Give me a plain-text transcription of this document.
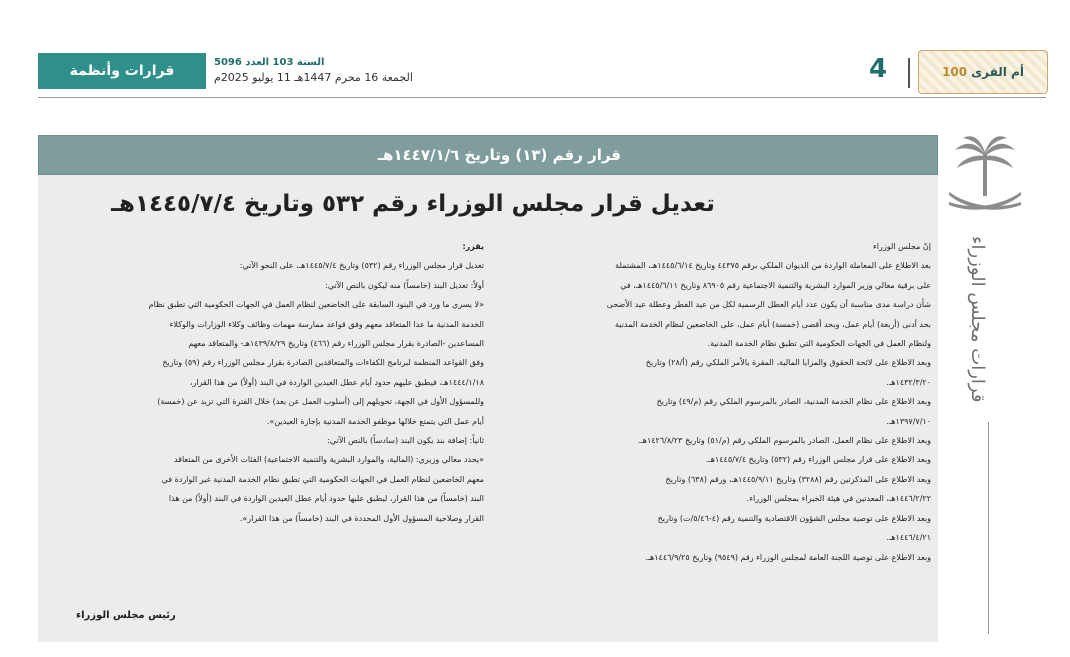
قرارات وأنظمة
السنة 103 العدد 5096
الجمعة 16 محرم 1447هـ 11 يوليو 2025م	4	أم القرى
100
قرارات مجلس الوزراء
قرار رقم (١٣) وتاريخ ١٤٤٧/١/٦هـ
تعديل قرار مجلس الوزراء رقم ٥٣٢ وتاريخ ١٤٤٥/٧/٤هـ

إنّ مجلس الوزراء

بعد الاطلاع على المعاملة الواردة من الديوان الملكي برقم ٤٤٣٧٥ وتاريخ ١٤٤٥/٦/١٤هـ، المشتملة

على برقية معالي وزير الموارد البشرية والتنمية الاجتماعية رقم ٨٦٩٠٥ وتاريخ ١٤٤٥/٦/١١هـ، في

شأن دراسة مدى مناسبة أن يكون عدد أيام العطل الرسمية لكل من عيد الفطر وعطلة عيد الأضحى

بحد أدنى (أربعة) أيام عمل، وبحد أقصى (خمسة) أيام عمل، على الخاضعين لنظام الخدمة المدنية

ولنظام العمل في الجهات الحكومية التي تطبق نظام الخدمة المدنية.

وبعد الاطلاع على لائحة الحقوق والمزايا المالية، المقرة بالأمر الملكي رقم (أ/٢٨) وتاريخ

١٤٣٢/٣/٢٠هـ.

وبعد الاطلاع على نظام الخدمة المدنية، الصادر بالمرسوم الملكي رقم (م/٤٩) وتاريخ

١٣٩٧/٧/١٠هـ.

وبعد الاطلاع على نظام العمل، الصادر بالمرسوم الملكي رقم (م/٥١) وتاريخ ١٤٢٦/٨/٢٣هـ.

وبعد الاطلاع على قرار مجلس الوزراء رقم (٥٣٢) وتاريخ ١٤٤٥/٧/٤هـ.

وبعد الاطلاع على المذكرتين رقم (٣٢٨٨) وتاريخ ١٤٤٥/٩/١١هـ، ورقم (٦٣٨) وتاريخ

١٤٤٦/٢/٢٢هـ، المعدتين في هيئة الخبراء بمجلس الوزراء.

وبعد الاطلاع على توصية مجلس الشؤون الاقتصادية والتنمية رقم (٤-٥/٤٦/ت) وتاريخ

١٤٤٦/٤/٢١هـ.

وبعد الاطلاع على توصية اللجنة العامة لمجلس الوزراء رقم (٩٥٤٩) وتاريخ ١٤٤٦/٩/٢٥هـ.

يقرر:

تعديل قرار مجلس الوزراء رقم (٥٣٢) وتاريخ ١٤٤٥/٧/٤هـ، على النحو الآتي:

أولاً: تعديل البند (خامساً) منه ليكون بالنص الآتي:

«لا يسري ما ورد في البنود السابقة على الخاضعين لنظام العمل في الجهات الحكومية التي تطبق نظام

الخدمة المدنية ما عدا المتعاقد معهم وفق قواعد ممارسة مهمات وظائف وكلاء الوزارات والوكلاء

المساعدين -الصادرة بقرار مجلس الوزراء رقم (٤٦٦) وتاريخ ١٤٣٩/٨/٢٩هـ- والمتعاقد معهم

وفق القواعد المنظمة لبرنامج الكفاءات والمتعاقدين الصادرة بقرار مجلس الوزراء رقم (٥٩) وتاريخ

١٤٤٤/١/١٨هـ، فيطبق عليهم حدود أيام عطل العيدين الواردة في البند (أولاً) من هذا القرار،

وللمسؤول الأول في الجهة، تحويلهم إلى (أسلوب العمل عن بعد) خلال الفترة التي تزيد عن (خمسة)

أيام عمل التي يتمتع خلالها موظفو الخدمة المدنية بإجازة العيدين».

ثانياً: إضافة بند يكون البند (سادساً) بالنص الآتي:

«يحدد معالي وزيري: (المالية، والموارد البشرية والتنمية الاجتماعية) الفئات الأخرى من المتعاقد

معهم الخاضعين لنظام العمل في الجهات الحكومية التي تطبق نظام الخدمة المدنية غير الواردة في

البند (خامساً) من هذا القرار، ليطبق عليها حدود أيام عطل العيدين الواردة في البند (أولاً) من هذا

القرار وصلاحية المسؤول الأول المحددة في البند (خامساً) من هذا القرار».

رئيس مجلس الوزراء
